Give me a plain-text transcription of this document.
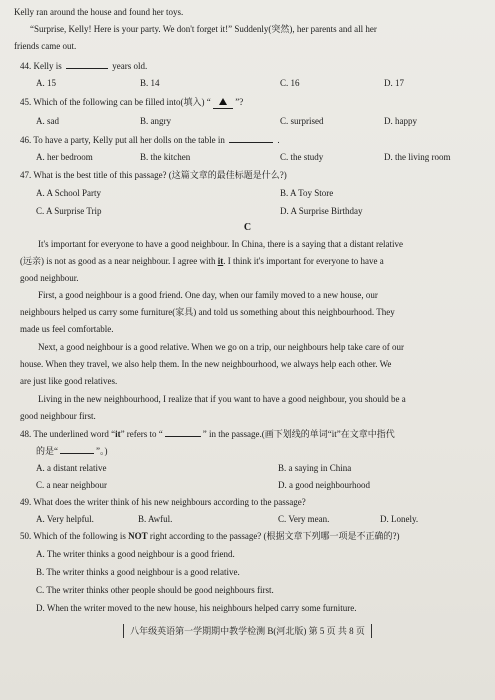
Kelly ran around the house and found her toys.
“Surprise, Kelly! Here is your party. We don't forget it!” Suddenly(突然), her parents and all her
friends came out.
44. Kelly is	years old.
A. 15	B. 14	C. 16	D. 17
45. Which of the following can be filled into(填入) “	”?
A. sad	B. angry	C. surprised	D. happy
46. To have a party, Kelly put all her dolls on the table in	.
A. her bedroom	B. the kitchen	C. the study	D. the living room
47. What is the best title of this passage? (这篇文章的最佳标题是什么?)
A. A School Party	B. A Toy Store
C. A Surprise Trip	D. A Surprise Birthday
C
It's important for everyone to have a good neighbour. In China, there is a saying that a distant relative
(远亲) is not as good as a near neighbour. I agree with it. I think it's important for everyone to have a
good neighbour.
First, a good neighbour is a good friend. One day, when our family moved to a new house, our
neighbours helped us carry some furniture(家具) and told us something about this neighbourhood. They
made us feel comfortable.
Next, a good neighbour is a good relative. When we go on a trip, our neighbours help take care of our
house. When they travel, we also help them. In the new neighbourhood, we always help each other. We
are just like good relatives.
Living in the new neighbourhood, I realize that if you want to have a good neighbour, you should be a
good neighbour first.
48. The underlined word “it” refers to “	” in the passage.(画下划线的单词“it”在文章中指代
的是“	”。)
A. a distant relative	B. a saying in China
C. a near neighbour	D. a good neighbourhood
49. What does the writer think of his new neighbours according to the passage?
A. Very helpful.	B. Awful.	C. Very mean.	D. Lonely.
50. Which of the following is NOT right according to the passage? (根据文章下列哪一项是不正确的?)
A. The writer thinks a good neighbour is a good friend.
B. The writer thinks a good neighbour is a good relative.
C. The writer thinks other people should be good neighbours first.
D. When the writer moved to the new house, his neighbours helped carry some furniture.
八年级英语第一学期期中教学检测 B(河北版) 第 5 页 共 8 页
